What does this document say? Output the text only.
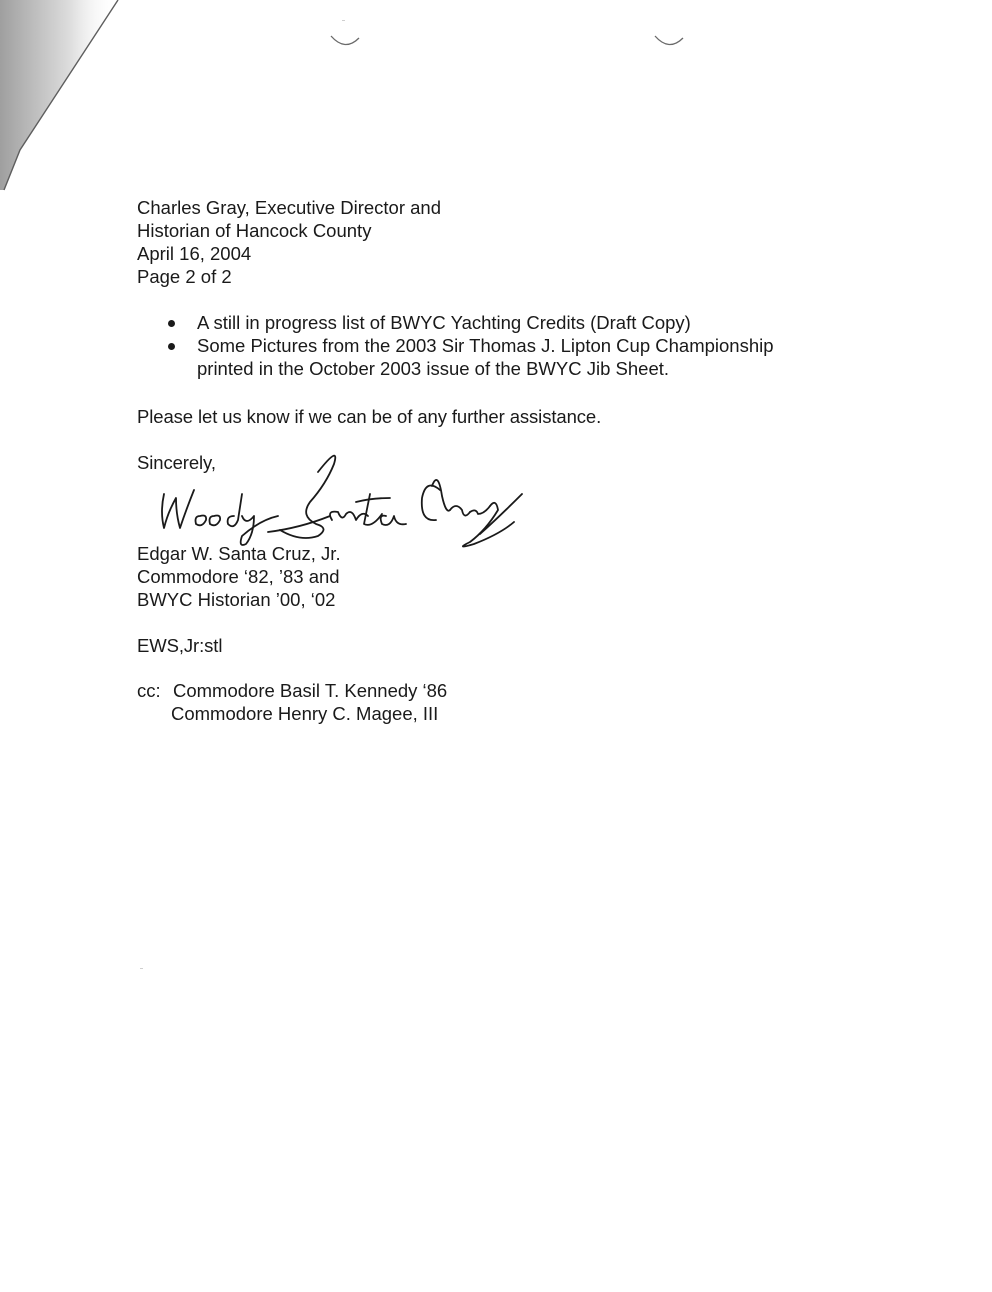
Charles Gray, Executive Director and
Historian of Hancock County
April 16, 2004
Page 2 of 2
A still in progress list of BWYC Yachting Credits (Draft Copy)
Some Pictures from the 2003 Sir Thomas J. Lipton Cup Championship
printed in the October 2003 issue of the BWYC Jib Sheet.
Please let us know if we can be of any further assistance.
Sincerely,
Edgar W. Santa Cruz, Jr.
Commodore ‘82, ’83 and
BWYC Historian ’00, ‘02
EWS,Jr:stl
cc: Commodore Basil T. Kennedy ‘86
Commodore Henry C. Magee, III
